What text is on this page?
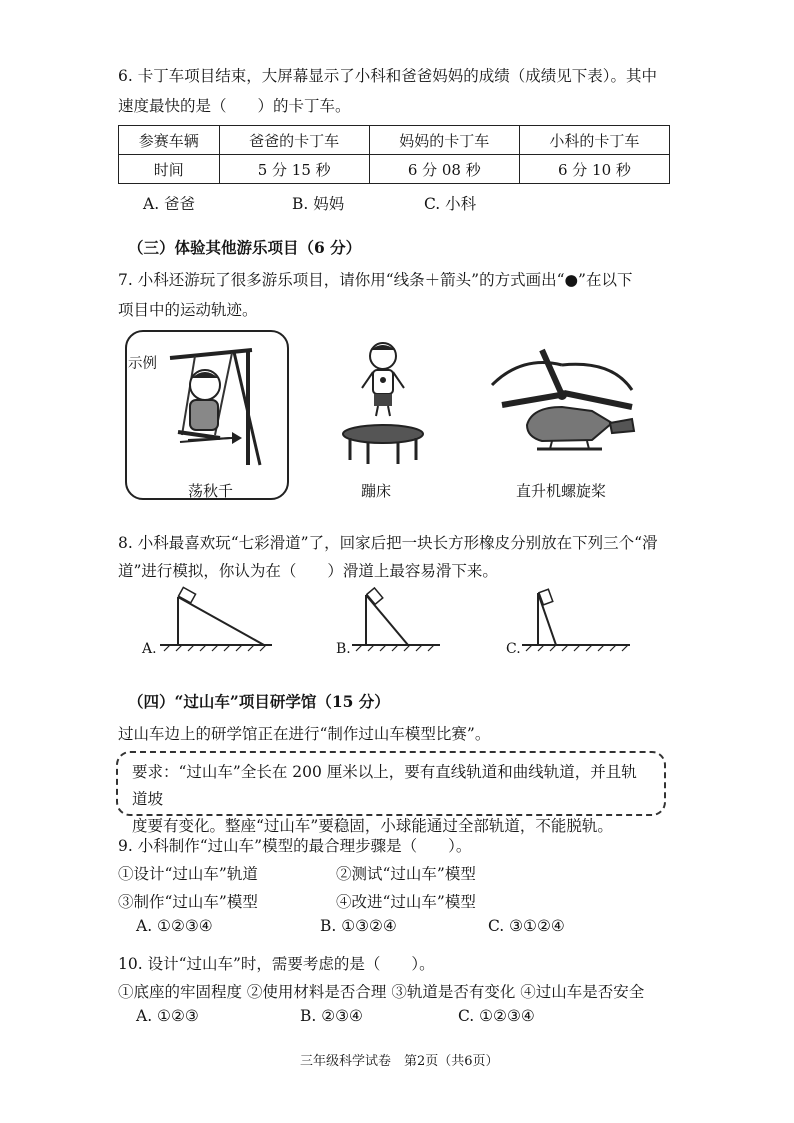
6. 卡丁车项目结束，大屏幕显示了小科和爸爸妈妈的成绩（成绩见下表）。其中
速度最快的是（　　）的卡丁车。
参赛车辆	爸爸的卡丁车	妈妈的卡丁车	小科的卡丁车
时间	5 分 15 秒	6 分 08 秒	6 分 10 秒
A. 爸爸	B. 妈妈	C. 小科
（三）体验其他游乐项目（6 分）
7. 小科还游玩了很多游乐项目，请你用“线条＋箭头”的方式画出“●”在以下
项目中的运动轨迹。
示例
荡秋千	蹦床	直升机螺旋桨
8. 小科最喜欢玩“七彩滑道”了，回家后把一块长方形橡皮分别放在下列三个“滑
道”进行模拟，你认为在（　　）滑道上最容易滑下来。
A.	B.	C.
（四）“过山车”项目研学馆（15 分）
过山车边上的研学馆正在进行“制作过山车模型比赛”。
要求：“过山车”全长在 200 厘米以上，要有直线轨道和曲线轨道，并且轨道坡
度要有变化。整座“过山车”要稳固，小球能通过全部轨道，不能脱轨。
9. 小科制作“过山车”模型的最合理步骤是（　　）。
①设计“过山车”轨道	②测试“过山车”模型
③制作“过山车”模型	④改进“过山车”模型
A. ①②③④	B. ①③②④	C. ③①②④
10. 设计“过山车”时，需要考虑的是（　　）。
①底座的牢固程度 ②使用材料是否合理 ③轨道是否有变化 ④过山车是否安全
A. ①②③	B. ②③④	C. ①②③④
三年级科学试卷　第2页（共6页）
